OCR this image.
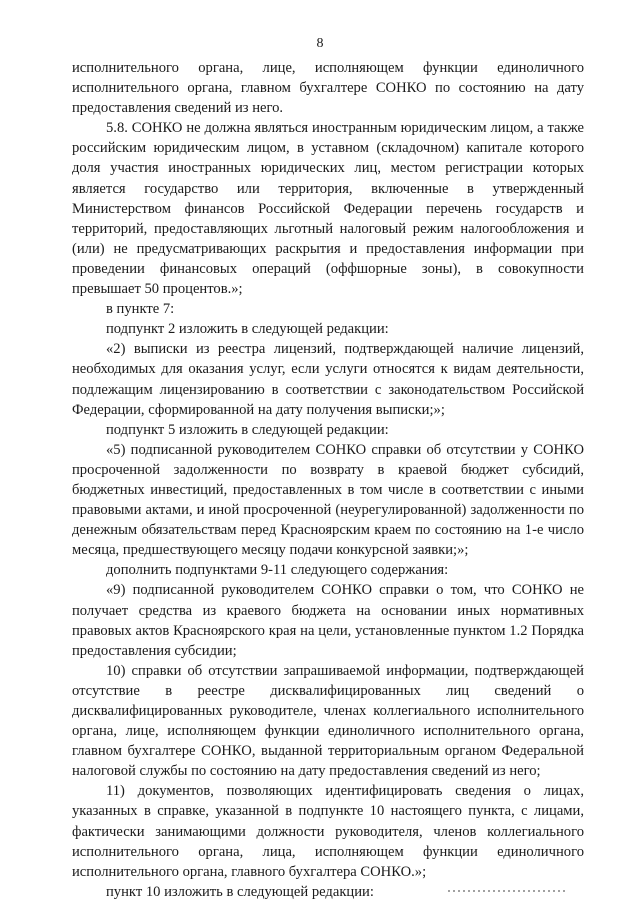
8

исполнительного органа, лице, исполняющем функции единоличного исполнительного органа, главном бухгалтере СОНКО по состоянию на дату предоставления сведений из него.

5.8. СОНКО не должна являться иностранным юридическим лицом, а также российским юридическим лицом, в уставном (складочном) капитале которого доля участия иностранных юридических лиц, местом регистрации которых является государство или территория, включенные в утвержденный Министерством финансов Российской Федерации перечень государств и территорий, предоставляющих льготный налоговый режим налогообложения и (или) не предусматривающих раскрытия и предоставления информации при проведении финансовых операций (оффшорные зоны), в совокупности превышает 50 процентов.»;

в пункте 7:

подпункт 2 изложить в следующей редакции:

«2) выписки из реестра лицензий, подтверждающей наличие лицензий, необходимых для оказания услуг, если услуги относятся к видам деятельности, подлежащим лицензированию в соответствии с законодательством Российской Федерации, сформированной на дату получения выписки;»;

подпункт 5 изложить в следующей редакции:

«5) подписанной руководителем СОНКО справки об отсутствии у СОНКО просроченной задолженности по возврату в краевой бюджет субсидий, бюджетных инвестиций, предоставленных в том числе в соответствии с иными правовыми актами, и иной просроченной (неурегулированной) задолженности по денежным обязательствам перед Красноярским краем по состоянию на 1-е число месяца, предшествующего месяцу подачи конкурсной заявки;»;

дополнить подпунктами 9-11 следующего содержания:

«9) подписанной руководителем СОНКО справки о том, что СОНКО не получает средства из краевого бюджета на основании иных нормативных правовых актов Красноярского края на цели, установленные пунктом 1.2 Порядка предоставления субсидии;

10) справки об отсутствии запрашиваемой информации, подтверждающей отсутствие в реестре дисквалифицированных лиц сведений о дисквалифицированных руководителе, членах коллегиального исполнительного органа, лице, исполняющем функции единоличного исполнительного органа, главном бухгалтере СОНКО, выданной территориальным органом Федеральной налоговой службы по состоянию на дату предоставления сведений из него;

11) документов, позволяющих идентифицировать сведения о лицах, указанных в справке, указанной в подпункте 10 настоящего пункта, с лицами, фактически занимающими должности руководителя, членов коллегиального исполнительного органа, лица, исполняющем функции единоличного исполнительного органа, главного бухгалтера СОНКО.»;

пункт 10 изложить в следующей редакции:
